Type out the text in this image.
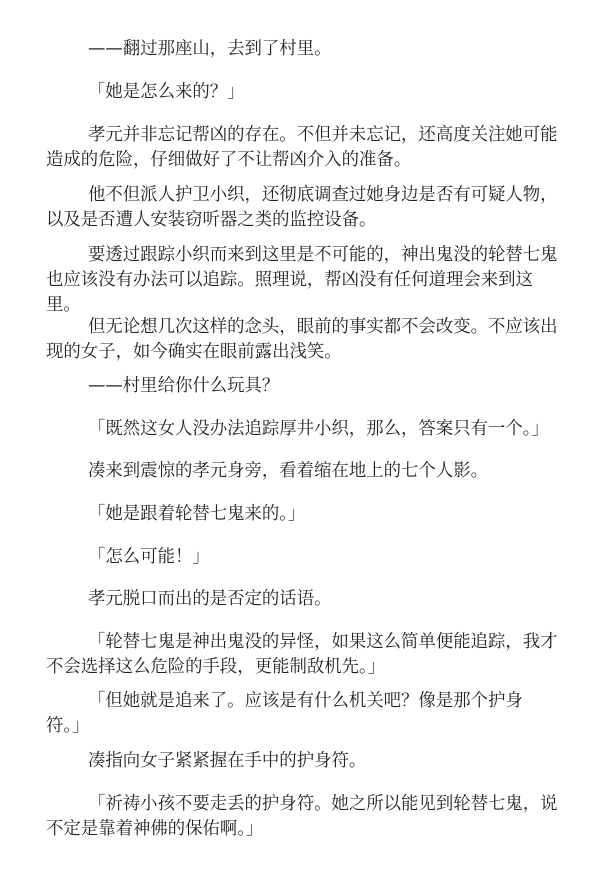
——翻过那座山，去到了村里。
「她是怎么来的？」
孝元并非忘记帮凶的存在。不但并未忘记，还高度关注她可能
造成的危险，仔细做好了不让帮凶介入的准备。
他不但派人护卫小织，还彻底调查过她身边是否有可疑人物，
以及是否遭人安装窃听器之类的监控设备。
要透过跟踪小织而来到这里是不可能的，神出鬼没的轮替七鬼
也应该没有办法可以追踪。照理说，帮凶没有任何道理会来到这
里。
但无论想几次这样的念头，眼前的事实都不会改变。不应该出
现的女子，如今确实在眼前露出浅笑。
——村里给你什么玩具？
「既然这女人没办法追踪厚井小织，那么，答案只有一个。」
凑来到震惊的孝元身旁，看着缩在地上的七个人影。
「她是跟着轮替七鬼来的。」
「怎么可能！」
孝元脱口而出的是否定的话语。
「轮替七鬼是神出鬼没的异怪，如果这么简单便能追踪，我才
不会选择这么危险的手段，更能制敌机先。」
「但她就是追来了。应该是有什么机关吧？像是那个护身
符。」
凑指向女子紧紧握在手中的护身符。
「祈祷小孩不要走丢的护身符。她之所以能见到轮替七鬼，说
不定是靠着神佛的保佑啊。」
